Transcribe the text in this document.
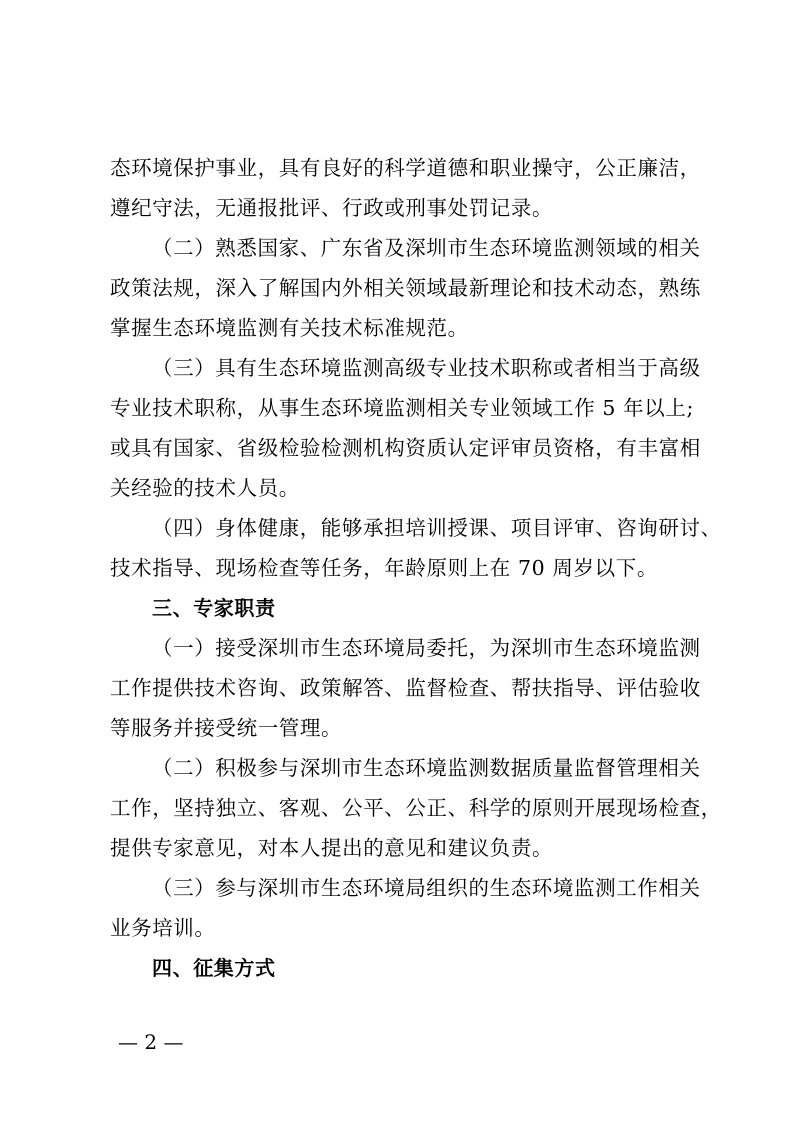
态环境保护事业，具有良好的科学道德和职业操守，公正廉洁，
遵纪守法，无通报批评、行政或刑事处罚记录。
（二）熟悉国家、广东省及深圳市生态环境监测领域的相关
政策法规，深入了解国内外相关领域最新理论和技术动态，熟练
掌握生态环境监测有关技术标准规范。
（三）具有生态环境监测高级专业技术职称或者相当于高级
专业技术职称，从事生态环境监测相关专业领域工作 5 年以上;
或具有国家、省级检验检测机构资质认定评审员资格，有丰富相
关经验的技术人员。
（四）身体健康，能够承担培训授课、项目评审、咨询研讨、
技术指导、现场检查等任务，年龄原则上在 70 周岁以下。
三、专家职责
（一）接受深圳市生态环境局委托，为深圳市生态环境监测
工作提供技术咨询、政策解答、监督检查、帮扶指导、评估验收
等服务并接受统一管理。
（二）积极参与深圳市生态环境监测数据质量监督管理相关
工作，坚持独立、客观、公平、公正、科学的原则开展现场检查，
提供专家意见，对本人提出的意见和建议负责。
（三）参与深圳市生态环境局组织的生态环境监测工作相关
业务培训。
四、征集方式
— 2 —
